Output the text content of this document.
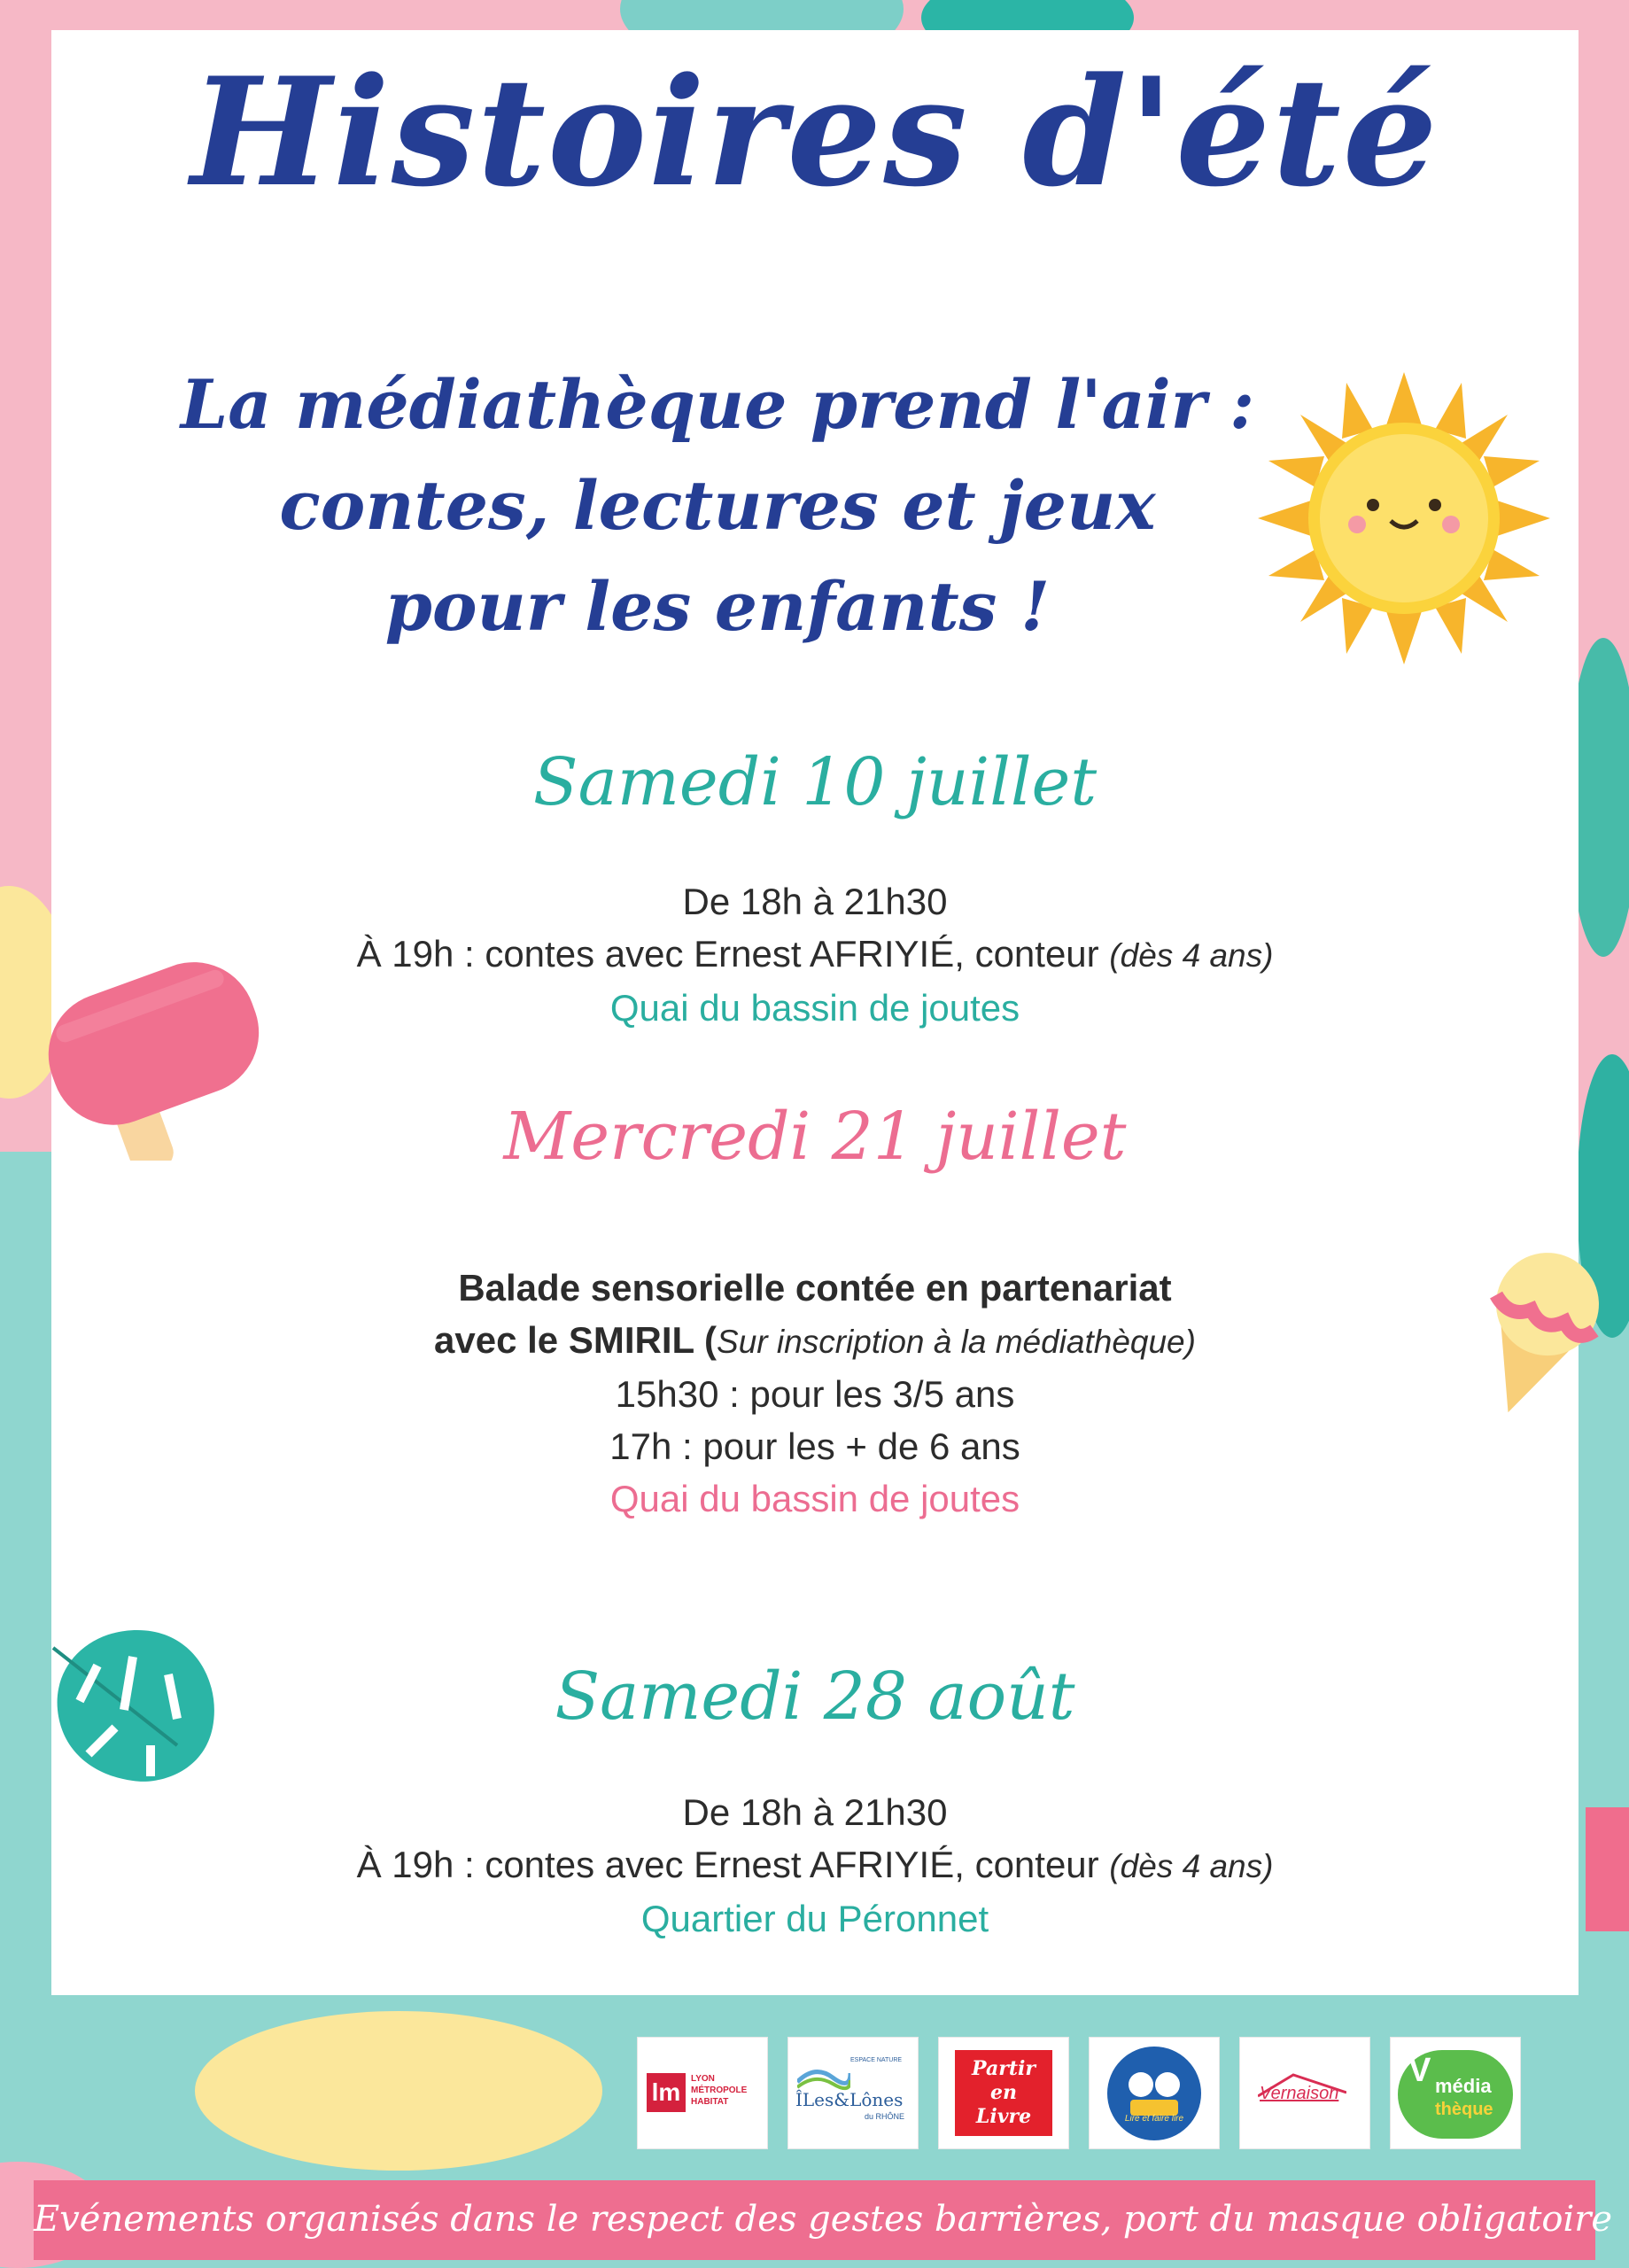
Histoires d'été
La médiathèque prend l'air :
contes, lectures et jeux
pour les enfants !
Samedi 10 juillet
De 18h à 21h30
À 19h : contes avec Ernest AFRIYIÉ, conteur (dès 4 ans)
Quai du bassin de joutes
Mercredi 21 juillet
Balade sensorielle contée en partenariat
avec le SMIRIL (Sur inscription à la médiathèque)
15h30 : pour les 3/5 ans
17h : pour les + de 6 ans
Quai du bassin de joutes
Samedi 28 août
De 18h à 21h30
À 19h : contes avec Ernest AFRIYIÉ, conteur (dès 4 ans)
Quartier du Péronnet
lm	LYON
MÉTROPOLE
HABITAT
ESPACE NATURE
ÎLes&Lônes
du RHÔNE
Partir
en
Livre	Lire et faire lire
Vernaison
V média
thèque
Evénements organisés dans le respect des gestes barrières, port du masque obligatoire
